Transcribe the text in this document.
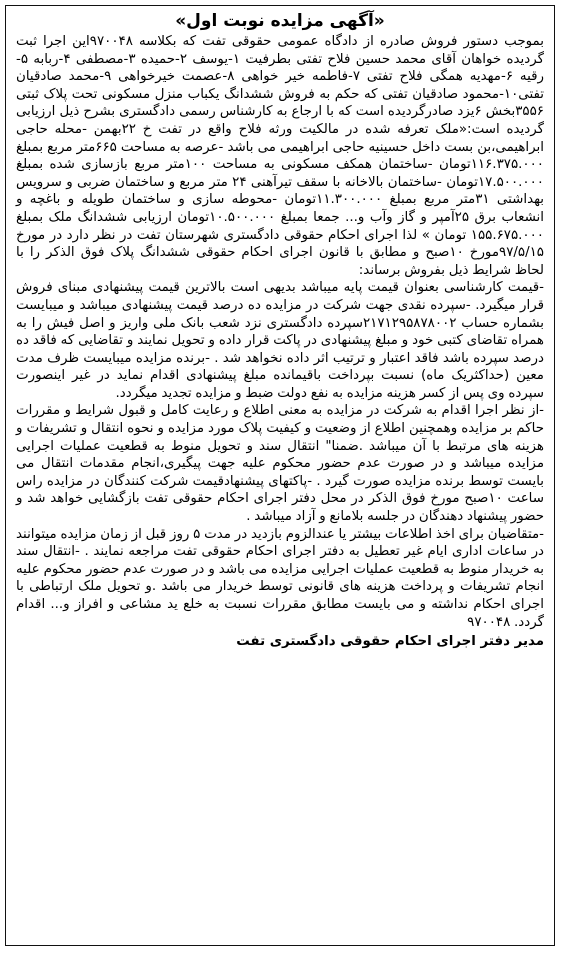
«آگهی مزایده نوبت اول»
بموجب دستور فروش صادره از دادگاه عمومی حقوقی تفت که بکلاسه ۹۷۰۰۴۸این اجرا ثبت گردیده خواهان آقای محمد حسین فلاح تفتی بطرفیت ۱-یوسف ۲-حمیده ۳-مصطفی ۴-ربابه ۵-رقیه ۶-مهدیه همگی فلاح تفتی ۷-فاطمه خیر خواهی ۸-عصمت خیرخواهی ۹-محمد صادقیان تفتی۱۰-محمود صادقیان تفتی که حکم به فروش ششدانگ یکباب منزل مسکونی تحت پلاک ثبتی ۳۵۵۶بخش ۶یزد صادرگردیده است که با ارجاع به کارشناس رسمی دادگستری بشرح ذیل ارزیابی گردیده است:«ملک تعرفه شده در مالکیت ورثه فلاح واقع در تفت خ ۲۲بهمن -محله حاجی ابراهیمی،بن بست داخل حسینیه حاجی ابراهیمی می باشد -عرصه به مساحت ۶۶۵متر مربع بمبلغ ۱۱۶.۳۷۵.۰۰۰تومان -ساختمان همکف مسکونی به مساحت ۱۰۰متر مربع بازسازی شده بمبلغ ۱۷.۵۰۰.۰۰۰تومان -ساختمان بالاخانه با سقف تیرآهنی ۲۴ متر مربع و ساختمان ضربی و سرویس بهداشتی ۳۱متر مربع بمبلغ ۱۱.۳۰۰.۰۰۰تومان -محوطه سازی و ساختمان طویله و باغچه و انشعاب برق ۲۵آمپر و گاز وآب و... جمعا بمبلغ ۱۰.۵۰۰.۰۰۰تومان ارزیابی ششدانگ ملک بمبلغ ۱۵۵.۶۷۵.۰۰۰ تومان » لذا اجرای احکام حقوقی دادگستری شهرستان تفت در نظر دارد در مورخ ۹۷/۵/۱۵مورخ ۱۰صبح و مطابق با قانون اجرای احکام حقوقی ششدانگ پلاک فوق الذکر را با لحاظ شرایط ذیل بفروش برساند:
-قیمت کارشناسی بعنوان قیمت پایه میباشد بدیهی است بالاترین قیمت پیشنهادی مبنای فروش قرار میگیرد. -سپرده نقدی جهت شرکت در مزایده ده درصد قیمت پیشنهادی میباشد و میبایست بشماره حساب ۲۱۷۱۲۹۵۸۷۸۰۰۲سپرده دادگستری نزد شعب بانک ملی واریز و اصل فیش را به همراه تقاضای کتبی خود و مبلغ پیشنهادی در پاکت قرار داده و تحویل نمایند و تقاضایی که فاقد ده درصد سپرده باشد فاقد اعتبار و ترتیب اثر داده نخواهد شد . -برنده مزایده میبایست ظرف مدت معین (حداکثریک ماه) نسبت بپرداخت باقیمانده مبلغ پیشنهادی اقدام نماید در غیر اینصورت سپرده وی پس از کسر هزینه مزایده به نفع دولت ضبط و مزایده تجدید میگردد.
-از نظر اجرا اقدام به شرکت در مزایده به معنی اطلاع و رعایت کامل و قبول شرایط و مقررات حاکم بر مزایده وهمچنین اطلاع از وضعیت و کیفیت پلاک مورد مزایده و نحوه انتقال و تشریفات و هزینه های مرتبط با آن میباشد .ضمنا" انتقال سند و تحویل منوط به قطعیت عملیات اجرایی مزایده میباشد و در صورت عدم حضور محکوم علیه جهت پیگیری،انجام مقدمات انتقال می بایست توسط برنده مزایده صورت گیرد . -پاکتهای پیشنهادقیمت شرکت کنندگان در مزایده راس ساعت ۱۰صبح مورخ فوق الذکر در محل دفتر اجرای احکام حقوقی تفت بازگشایی خواهد شد و حضور پیشنهاد دهندگان در جلسه بلامانع و آزاد میباشد .
-متقاضیان برای اخذ اطلاعات بیشتر یا عندالزوم بازدید در مدت ۵ روز قبل از زمان مزایده میتوانند در ساعات اداری ایام غیر تعطیل به دفتر اجرای احکام حقوقی تفت مراجعه نمایند . -انتقال سند به خریدار منوط به قطعیت عملیات اجرایی مزایده می باشد و در صورت عدم حضور محکوم علیه انجام تشریفات و پرداخت هزینه های قانونی توسط خریدار می باشد .و تحویل ملک ارتباطی با اجرای احکام نداشته و می بایست مطابق مقررات نسبت به خلع ید مشاعی و افراز و... اقدام گردد. ۹۷۰۰۴۸
مدیر دفتر اجرای احکام حقوقی دادگستری تفت
